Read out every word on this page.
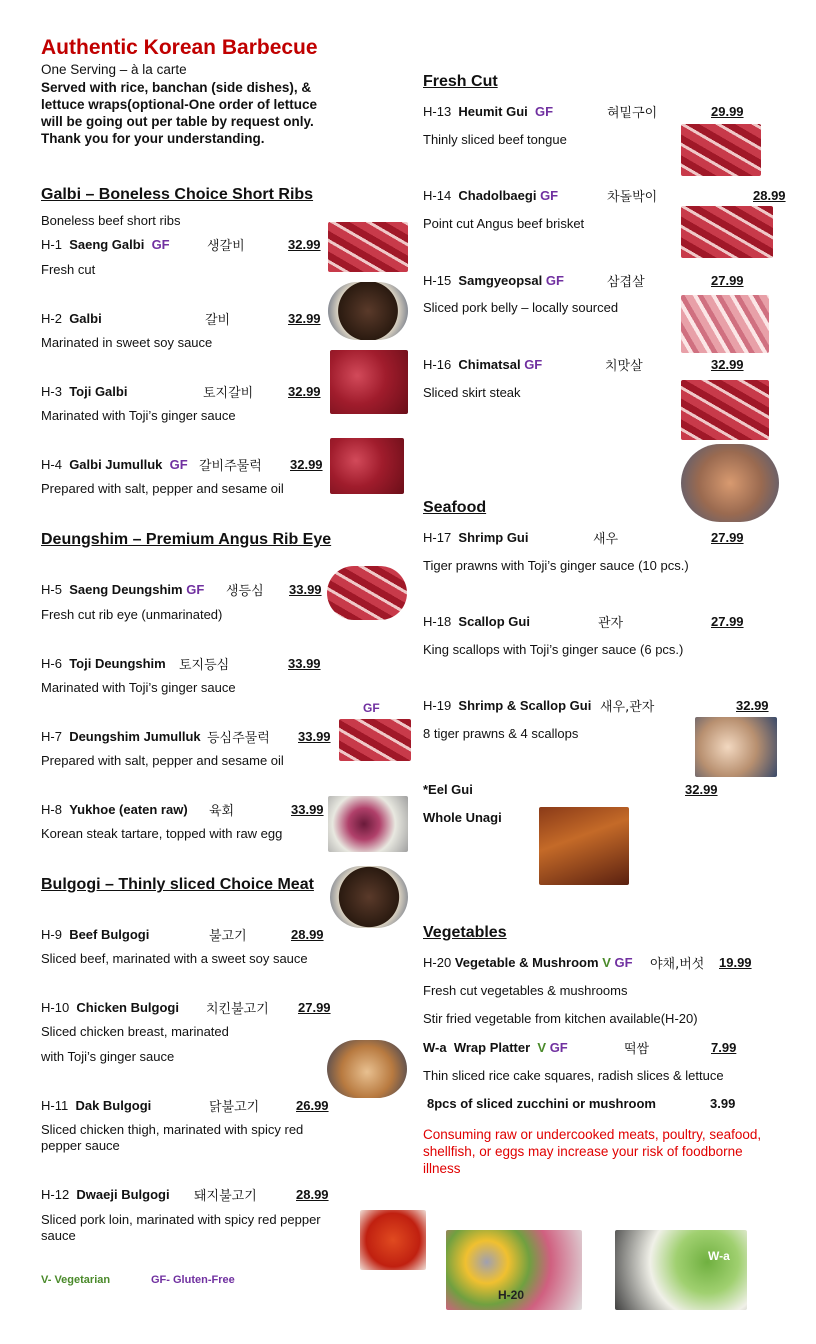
Authentic Korean Barbecue
One Serving – à la carte
Served with rice, banchan (side dishes), &
lettuce wraps(optional-One order of lettuce
will be going out per table by request only.
Thank you for your understanding.
Galbi – Boneless Choice Short Ribs
Boneless beef short ribs
H-1 Saeng Galbi GF	생갈비	32.99
Fresh cut
H-2 Galbi	갈비	32.99
Marinated in sweet soy sauce
H-3 Toji Galbi	토지갈비	32.99
Marinated with Toji’s ginger sauce
H-4 Galbi Jumulluk GF 갈비주물럭 32.99
Prepared with salt, pepper and sesame oil
Deungshim – Premium Angus Rib Eye
H-5 Saeng Deungshim GF 생등심 33.99
Fresh cut rib eye (unmarinated)
H-6 Toji Deungshim 토지등심	33.99
Marinated with Toji’s ginger sauce
GF
H-7 Deungshim Jumulluk 등심주물럭 33.99
Prepared with salt, pepper and sesame oil
H-8 Yukhoe (eaten raw) 육회	33.99
Korean steak tartare, topped with raw egg
Bulgogi – Thinly sliced Choice Meat
H-9 Beef Bulgogi	불고기	28.99
Sliced beef, marinated with a sweet soy sauce
H-10 Chicken Bulgogi 치킨불고기 27.99
Sliced chicken breast, marinated
with Toji’s ginger sauce
H-11 Dak Bulgogi	닭불고기	26.99
Sliced chicken thigh, marinated with spicy red
pepper sauce
H-12 Dwaeji Bulgogi 돼지불고기	28.99
Sliced pork loin, marinated with spicy red pepper
sauce
V- Vegetarian	GF- Gluten-Free
Fresh Cut
H-13 Heumit Gui GF	혀밑구이	29.99
Thinly sliced beef tongue
H-14 Chadolbaegi GF	차돌박이	28.99
Point cut Angus beef brisket
H-15 Samgyeopsal GF	삼겹살	27.99
Sliced pork belly – locally sourced
H-16 Chimatsal GF	치맛살	32.99
Sliced skirt steak
Seafood
H-17 Shrimp Gui	새우	27.99
Tiger prawns with Toji’s ginger sauce (10 pcs.)
H-18 Scallop Gui	관자	27.99
King scallops with Toji’s ginger sauce (6 pcs.)
H-19 Shrimp & Scallop Gui 새우,관자	32.99
8 tiger prawns & 4 scallops
*Eel Gui	32.99
Whole Unagi
Vegetables
H-20 Vegetable & Mushroom V GF 야채,버섯 19.99
Fresh cut vegetables & mushrooms
Stir fried vegetable from kitchen available(H-20)
W-a Wrap Platter V GF	떡쌈	7.99
Thin sliced rice cake squares, radish slices & lettuce
8pcs of sliced zucchini or mushroom	3.99
Consuming raw or undercooked meats, poultry, seafood,
shellfish, or eggs may increase your risk of foodborne
illness
H-20
W-a
